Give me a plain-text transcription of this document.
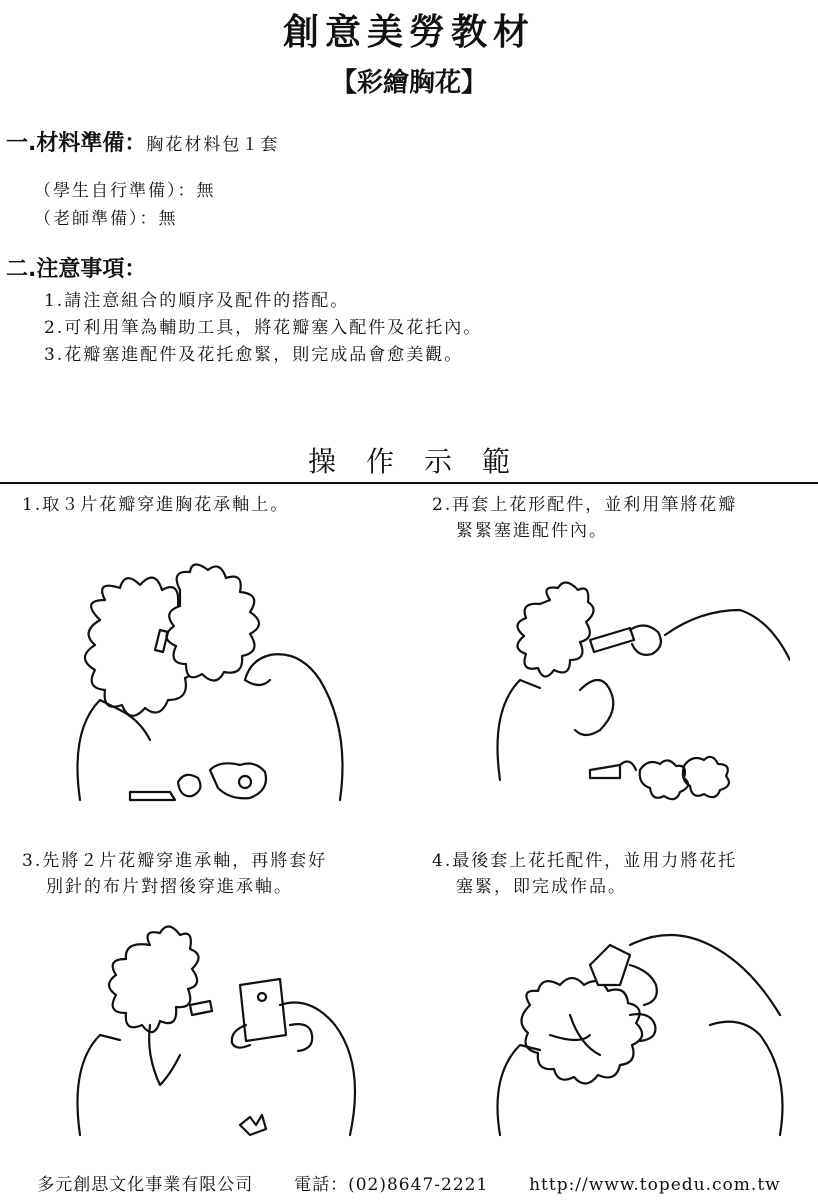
創意美勞教材
【彩繪胸花】
一.材料準備：胸花材料包１套
（學生自行準備）：無
（老師準備）：無
二.注意事項：
1.請注意組合的順序及配件的搭配。
2.可利用筆為輔助工具，將花瓣塞入配件及花托內。
3.花瓣塞進配件及花托愈緊，則完成品會愈美觀。
操作示範
1.取３片花瓣穿進胸花承軸上。	2.再套上花形配件，並利用筆將花瓣
緊緊塞進配件內。
3.先將２片花瓣穿進承軸，再將套好
別針的布片對摺後穿進承軸。
4.最後套上花托配件，並用力將花托
塞緊，即完成作品。
多元創思文化事業有限公司 電話：(02)8647-2221 http://www.topedu.com.tw
